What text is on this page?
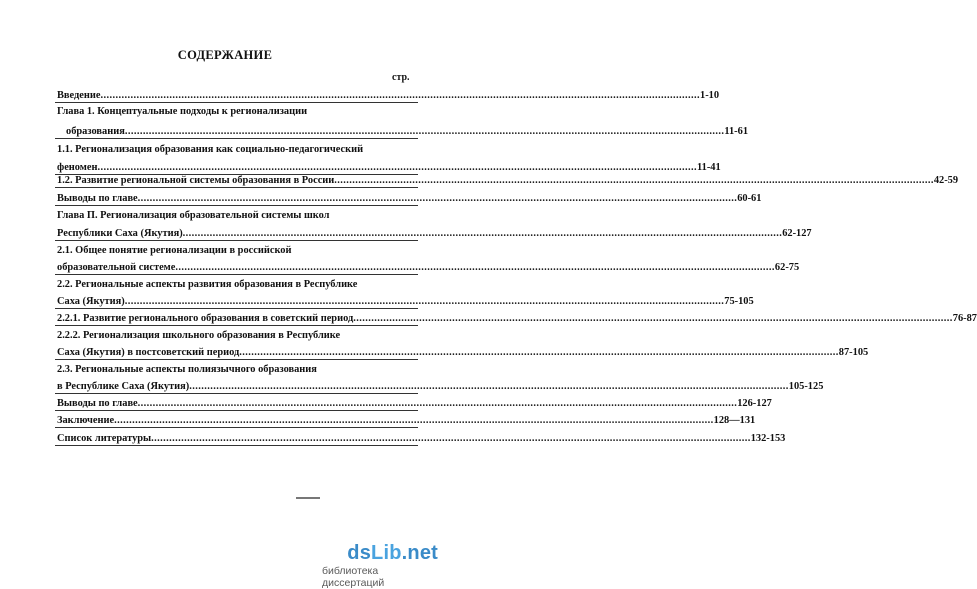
СОДЕРЖАНИЕ
стр.
Введение ........................................................................................................................................................................................................ 1-10
Глава 1. Концептуальные подходы к регионализации
образования ........................................................................................................................................................................................................ 11-61
1.1. Регионализация образования как социально-педагогический
феномен ........................................................................................................................................................................................................ 11-41
1.2. Развитие региональной системы образования в России ........................................................................................................................................................................................................ 42-59
Выводы по главе ........................................................................................................................................................................................................ 60-61
Глава П. Регионализация образовательной системы школ
Республики Саха (Якутия) ........................................................................................................................................................................................................ 62-127
2.1. Общее понятие регионализации в российской
образовательной системе ........................................................................................................................................................................................................ 62-75
2.2. Региональные аспекты развития образования в Республике
Саха (Якутия) ........................................................................................................................................................................................................ 75-105
2.2.1. Развитие регионального образования в советский период ........................................................................................................................................................................................................ 76-87
2.2.2. Регионализация школьного образования в Республике
Саха (Якутия) в постсоветский период ........................................................................................................................................................................................................ 87-105
2.3. Региональные аспекты полиязычного образования
в Республике Саха (Якутия) ........................................................................................................................................................................................................ 105-125
Выводы по главе ........................................................................................................................................................................................................ 126-127
Заключение ........................................................................................................................................................................................................ 128—131
Список литературы ........................................................................................................................................................................................................ 132-153
dsLib.net
библиотека диссертаций
